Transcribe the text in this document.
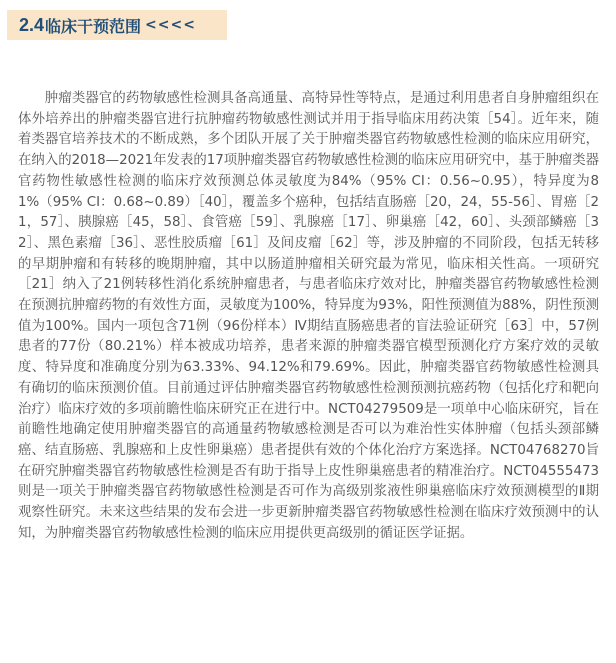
2.4 临床干预范围 <<<<

肿瘤类器官的药物敏感性检测具备高通量、高特异性等特点，是通过利用患者自身肿瘤组织在体外培养出的肿瘤类器官进行抗肿瘤药物敏感性测试并用于指导临床用药决策［54］。近年来，随着类器官培养技术的不断成熟，多个团队开展了关于肿瘤类器官药物敏感性检测的临床应用研究，在纳入的2018—2021年发表的17项肿瘤类器官药物敏感性检测的临床应用研究中，基于肿瘤类器官药物性敏感性检测的临床疗效预测总体灵敏度为84%（95% CI：0.56~0.95），特异度为81%（95% CI：0.68~0.89）［40］，覆盖多个癌种，包括结直肠癌［20，24，55-56］、胃癌［21，57］、胰腺癌［45，58］、食管癌［59］、乳腺癌［17］、卵巢癌［42，60］、头颈部鳞癌［32］、黑色素瘤［36］、恶性胶质瘤［61］及间皮瘤［62］等，涉及肿瘤的不同阶段，包括无转移的早期肿瘤和有转移的晚期肿瘤，其中以肠道肿瘤相关研究最为常见，临床相关性高。一项研究［21］纳入了21例转移性消化系统肿瘤患者，与患者临床疗效对比，肿瘤类器官药物敏感性检测在预测抗肿瘤药物的有效性方面，灵敏度为100%，特异度为93%，阳性预测值为88%，阴性预测值为100%。国内一项包含71例（96份样本）Ⅳ期结直肠癌患者的盲法验证研究［63］中，57例患者的77份（80.21%）样本被成功培养，患者来源的肿瘤类器官模型预测化疗方案疗效的灵敏度、特异度和准确度分别为63.33%、94.12%和79.69%。因此，肿瘤类器官药物敏感性检测具有确切的临床预测价值。目前通过评估肿瘤类器官药物敏感性检测预测抗癌药物（包括化疗和靶向治疗）临床疗效的多项前瞻性临床研究正在进行中。NCT04279509是一项单中心临床研究，旨在前瞻性地确定使用肿瘤类器官的高通量药物敏感检测是否可以为难治性实体肿瘤（包括头颈部鳞癌、结直肠癌、乳腺癌和上皮性卵巢癌）患者提供有效的个体化治疗方案选择。NCT04768270旨在研究肿瘤类器官药物敏感性检测是否有助于指导上皮性卵巢癌患者的精准治疗。NCT04555473则是一项关于肿瘤类器官药物敏感性检测是否可作为高级别浆液性卵巢癌临床疗效预测模型的Ⅱ期观察性研究。未来这些结果的发布会进一步更新肿瘤类器官药物敏感性检测在临床疗效预测中的认知，为肿瘤类器官药物敏感性检测的临床应用提供更高级别的循证医学证据。
